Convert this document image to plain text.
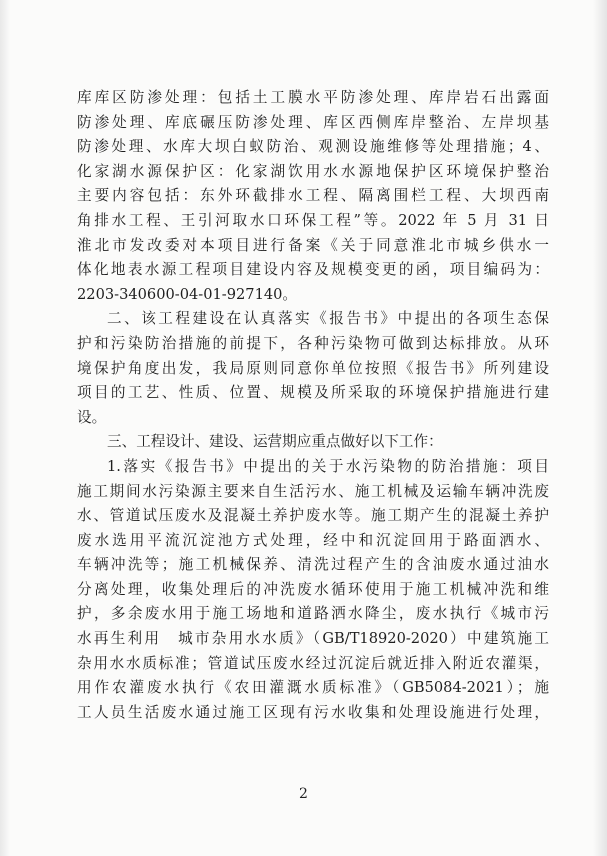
库库区防渗处理：包括土工膜水平防渗处理、库岸岩石出露面
防渗处理、库底碾压防渗处理、库区西侧库岸整治、左岸坝基
防渗处理、水库大坝白蚁防治、观测设施维修等处理措施；4、
化家湖水源保护区：化家湖饮用水水源地保护区环境保护整治
主要内容包括：东外环截排水工程、隔离围栏工程、大坝西南
角排水工程、王引河取水口环保工程”等。2022 年 5 月 31 日
淮北市发改委对本项目进行备案《关于同意淮北市城乡供水一
体化地表水源工程项目建设内容及规模变更的函，项目编码为：
2203-340600-04-01-927140。
二、该工程建设在认真落实《报告书》中提出的各项生态保
护和污染防治措施的前提下，各种污染物可做到达标排放。从环
境保护角度出发，我局原则同意你单位按照《报告书》所列建设
项目的工艺、性质、位置、规模及所采取的环境保护措施进行建
设。
三、工程设计、建设、运营期应重点做好以下工作：
1.落实《报告书》中提出的关于水污染物的防治措施：项目
施工期间水污染源主要来自生活污水、施工机械及运输车辆冲洗废
水、管道试压废水及混凝土养护废水等。施工期产生的混凝土养护
废水选用平流沉淀池方式处理，经中和沉淀回用于路面洒水、
车辆冲洗等；施工机械保养、清洗过程产生的含油废水通过油水
分离处理，收集处理后的冲洗废水循环使用于施工机械冲洗和维
护，多余废水用于施工场地和道路洒水降尘，废水执行《城市污
水再生利用　城市杂用水水质》（GB/T18920-2020）中建筑施工
杂用水水质标准；管道试压废水经过沉淀后就近排入附近农灌渠，
用作农灌废水执行《农田灌溉水质标准》（GB5084-2021）；施
工人员生活废水通过施工区现有污水收集和处理设施进行处理，
2
